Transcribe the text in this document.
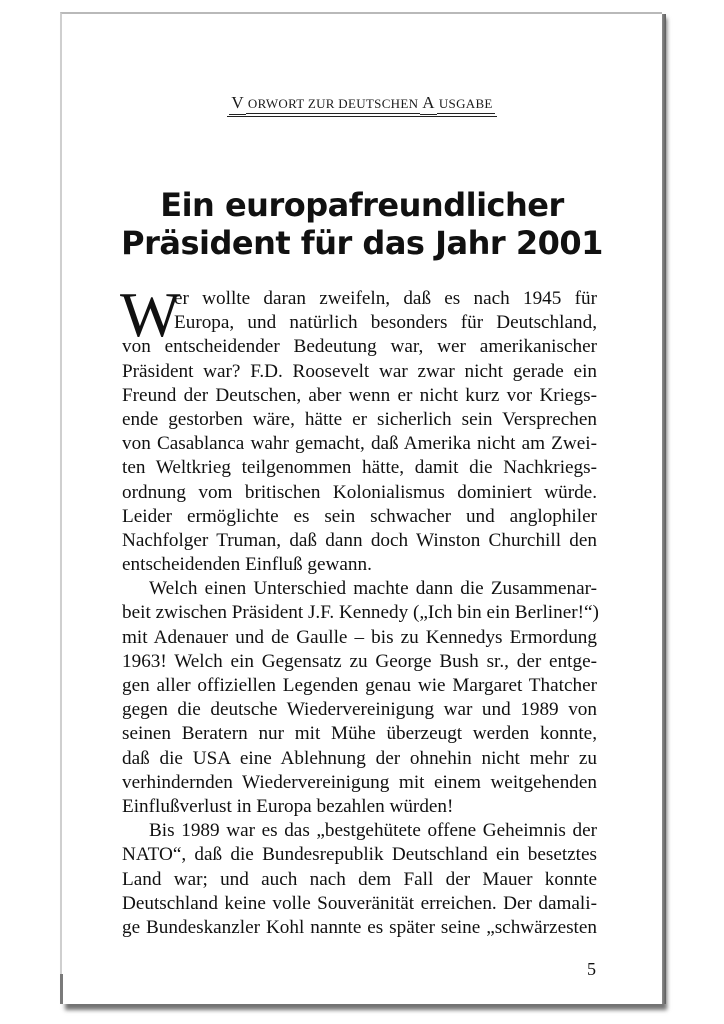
V ORWORT ZUR DEUTSCHENA USGABE
Ein europafreundlicher
Präsident für das Jahr 2001
W
er wollte daran zweifeln, daß es nach 1945 für
Europa, und natürlich besonders für Deutschland,
von entscheidender Bedeutung war, wer amerikanischer
Präsident war? F.D. Roosevelt war zwar nicht gerade ein
Freund der Deutschen, aber wenn er nicht kurz vor Kriegs-
ende gestorben wäre, hätte er sicherlich sein Versprechen
von Casablanca wahr gemacht, daß Amerika nicht am Zwei-
ten Weltkrieg teilgenommen hätte, damit die Nachkriegs-
ordnung vom britischen Kolonialismus dominiert würde.
Leider ermöglichte es sein schwacher und anglophiler
Nachfolger Truman, daß dann doch Winston Churchill den
entscheidenden Einfluß gewann.
Welch einen Unterschied machte dann die Zusammenar-
beit zwischen Präsident J.F. Kennedy („Ich bin ein Berliner!“)
mit Adenauer und de Gaulle – bis zu Kennedys Ermordung
1963! Welch ein Gegensatz zu George Bush sr., der entge-
gen aller offiziellen Legenden genau wie Margaret Thatcher
gegen die deutsche Wiedervereinigung war und 1989 von
seinen Beratern nur mit Mühe überzeugt werden konnte,
daß die USA eine Ablehnung der ohnehin nicht mehr zu
verhindernden Wiedervereinigung mit einem weitgehenden
Einflußverlust in Europa bezahlen würden!
Bis 1989 war es das „bestgehütete offene Geheimnis der
NATO“, daß die Bundesrepublik Deutschland ein besetztes
Land war; und auch nach dem Fall der Mauer konnte
Deutschland keine volle Souveränität erreichen. Der damali-
ge Bundeskanzler Kohl nannte es später seine „schwärzesten
5
